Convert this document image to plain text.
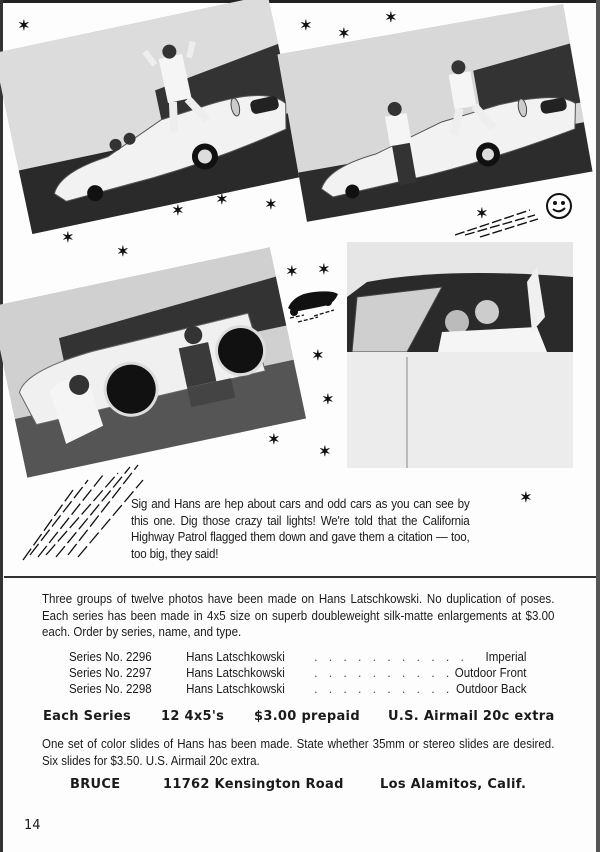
✶	✶ ✶
✶
✶
✶	✶
✶
✶
✶ ✶
✶
✶
✶
✶
✶
✶
Sig and Hans are hep about cars and odd cars as you can see by this one. Dig those crazy tail lights! We're told that the California Highway Patrol flagged them down and gave them a citation — too, too big, they said!
Three groups of twelve photos have been made on Hans Latschkowski. No duplication of poses. Each series has been made in 4x5 size on superb doubleweight silk-matte enlargements at $3.00 each. Order by series, name, and type.
Series No. 2296	Hans Latschkowski . . . . . . . . . . . Imperial
Series No. 2297	Hans Latschkowski . . . . . . . . . . Outdoor Front
Series No. 2298	Hans Latschkowski . . . . . . . . . . Outdoor Back
Each Series 12 4x5's $3.00 prepaid U.S. Airmail 20c extra
One set of color slides of Hans has been made. State whether 35mm or stereo slides are desired. Six slides for $3.50. U.S. Airmail 20c extra.
BRUCE	11762 Kensington Road	Los Alamitos, Calif.
14
